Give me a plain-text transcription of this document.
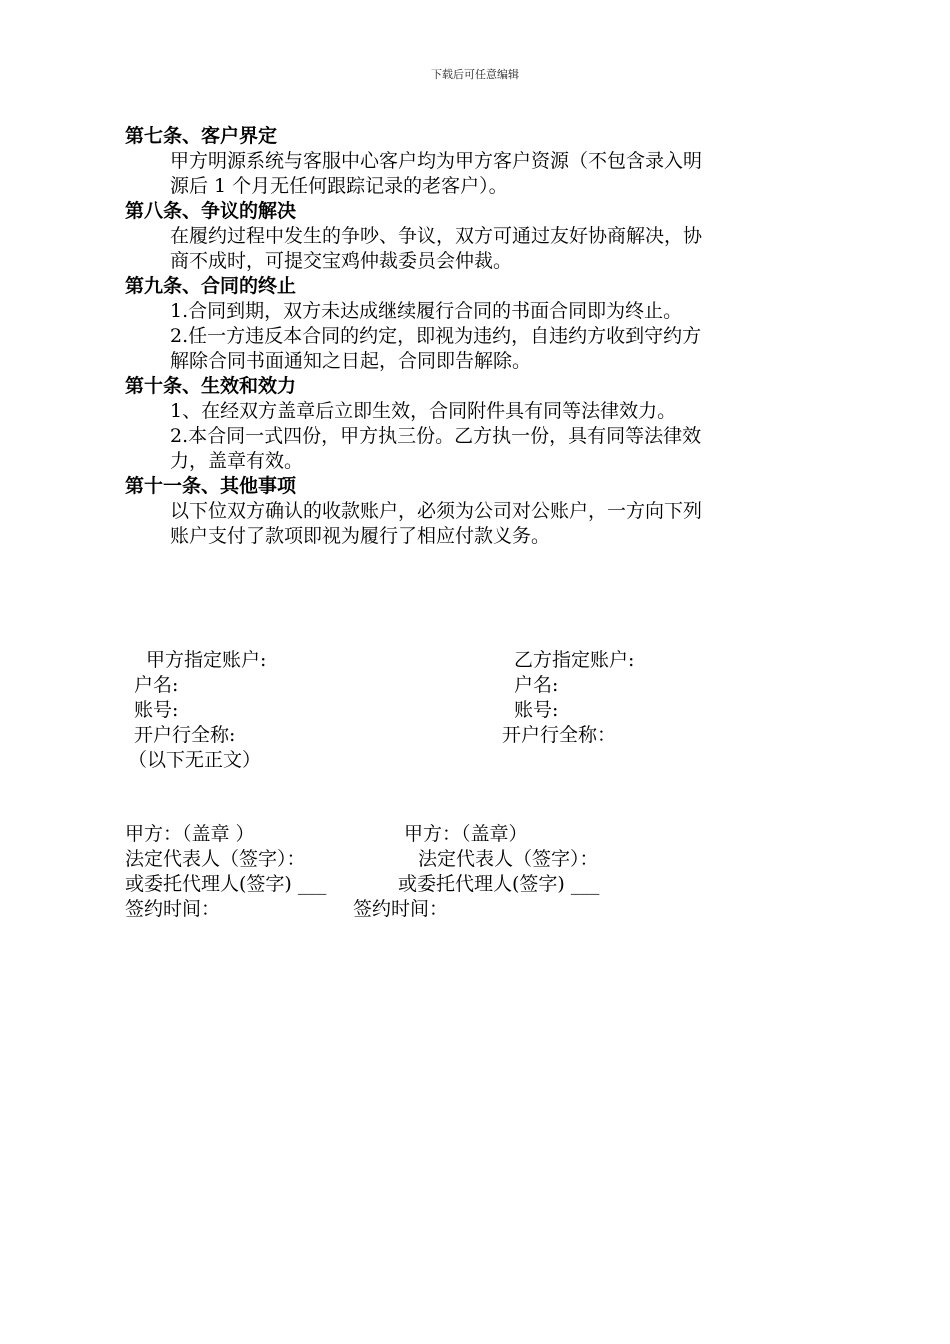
下载后可任意编辑
第七条、客户界定
甲方明源系统与客服中心客户均为甲方客户资源（不包含录入明
源后 1 个月无任何跟踪记录的老客户）。
第八条、争议的解决
在履约过程中发生的争吵、争议，双方可通过友好协商解决，协
商不成时，可提交宝鸡仲裁委员会仲裁。
第九条、合同的终止
1.合同到期，双方未达成继续履行合同的书面合同即为终止。
2.任一方违反本合同的约定，即视为违约，自违约方收到守约方
解除合同书面通知之日起，合同即告解除。
第十条、生效和效力
1、在经双方盖章后立即生效，合同附件具有同等法律效力。
2.本合同一式四份，甲方执三份。乙方执一份，具有同等法律效
力，盖章有效。
第十一条、其他事项
以下位双方确认的收款账户，必须为公司对公账户，一方向下列
账户支付了款项即视为履行了相应付款义务。
甲方指定账户:
户名:
账号:
开户行全称:
（以下无正文）
乙方指定账户:
户名:
账号:
开户行全称：
甲方：（盖章 ）
法定代表人（签字）：
或委托代理人(签字) ___
签约时间：
甲方：（盖章）
法定代表人（签字）：
或委托代理人(签字) ___
签约时间：
